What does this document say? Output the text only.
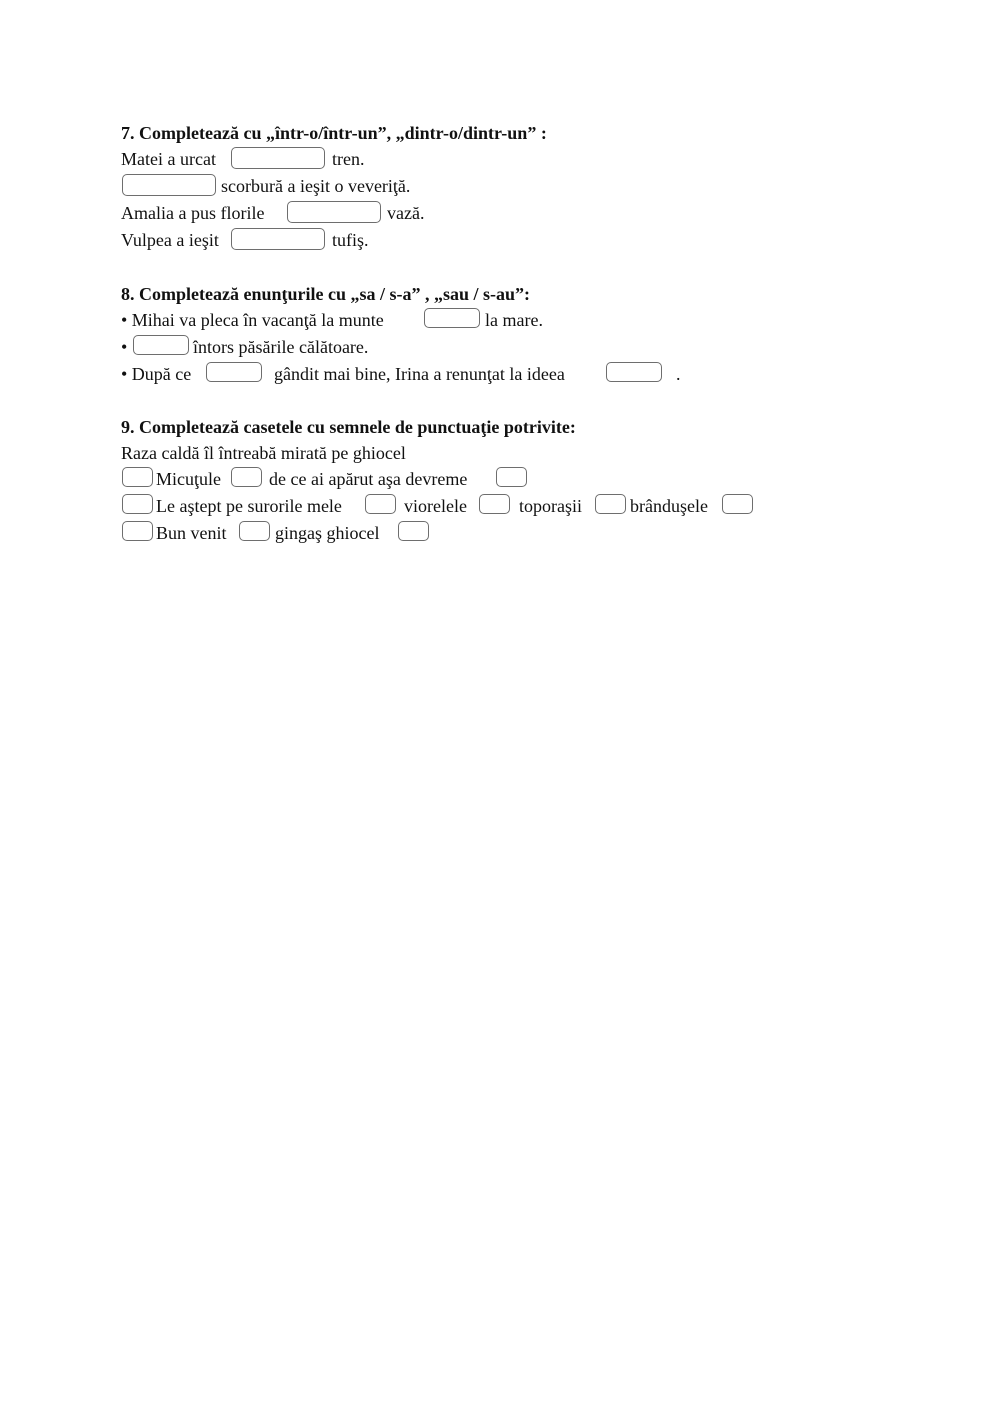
7. Completează cu „într-o/într-un”, „dintr-o/dintr-un” :
Matei a urcat	tren.
scorbură a ieşit o veveriţă.
Amalia a pus florile	vază.
Vulpea a ieşit	tufiş.
8. Completează enunţurile cu „sa / s-a” , „sau / s-au”:
• Mihai va pleca în vacanţă la munte	la mare.
•	întors păsările călătoare.
• După ce	gândit mai bine, Irina a renunţat la ideea	.
9. Completează casetele cu semnele de punctuaţie potrivite:
Raza caldă îl întreabă mirată pe ghiocel
Micuţule	de ce ai apărut aşa devreme
Le aştept pe surorile mele	viorelele	toporaşii	brânduşele
Bun venit	gingaş ghiocel
